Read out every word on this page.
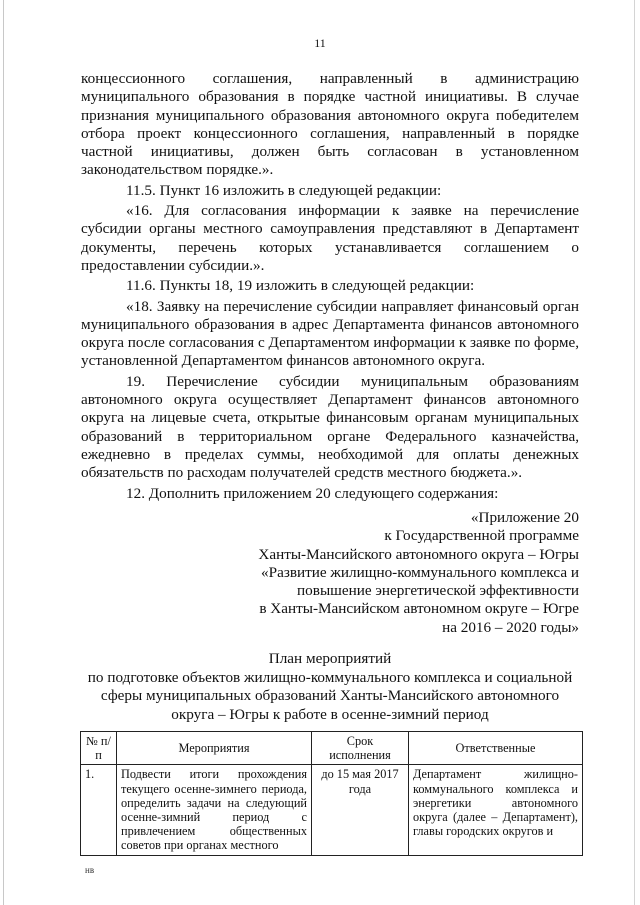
11

концессионного соглашения, направленный в администрацию муниципального образования в порядке частной инициативы. В случае признания муниципального образования автономного округа победителем отбора проект концессионного соглашения, направленный в порядке частной инициативы, должен быть согласован в установленном законодательством порядке.».

11.5. Пункт 16 изложить в следующей редакции:

«16. Для согласования информации к заявке на перечисление субсидии органы местного самоуправления представляют в Департамент документы, перечень которых устанавливается соглашением о предоставлении субсидии.».

11.6. Пункты 18, 19 изложить в следующей редакции:

«18. Заявку на перечисление субсидии направляет финансовый орган муниципального образования в адрес Департамента финансов автономного округа после согласования с Департаментом информации к заявке по форме, установленной Департаментом финансов автономного округа.

19. Перечисление субсидии муниципальным образованиям автономного округа осуществляет Департамент финансов автономного округа на лицевые счета, открытые финансовым органам муниципальных образований в территориальном органе Федерального казначейства, ежедневно в пределах суммы, необходимой для оплаты денежных обязательств по расходам получателей средств местного бюджета.».

12. Дополнить приложением 20 следующего содержания:

«Приложение 20
к Государственной программе
Ханты-Мансийского автономного округа – Югры
«Развитие жилищно-коммунального комплекса и
повышение энергетической эффективности
в Ханты-Мансийском автономном округе – Югре
на 2016 – 2020 годы»
План мероприятий
по подготовке объектов жилищно-коммунального комплекса и социальной
сферы муниципальных образований Ханты-Мансийского автономного
округа – Югры к работе в осенне-зимний период
№ п/п	Мероприятия	Срок исполнения	Ответственные
1.	Подвести итоги прохождения текущего осенне-зимнего периода, определить задачи на следующий осенне-зимний период с привлечением общественных советов при органах местного	до 15 мая 2017 года	Департамент жилищно-коммунального комплекса и энергетики автономного округа (далее – Департамент), главы городских округов и
нв
